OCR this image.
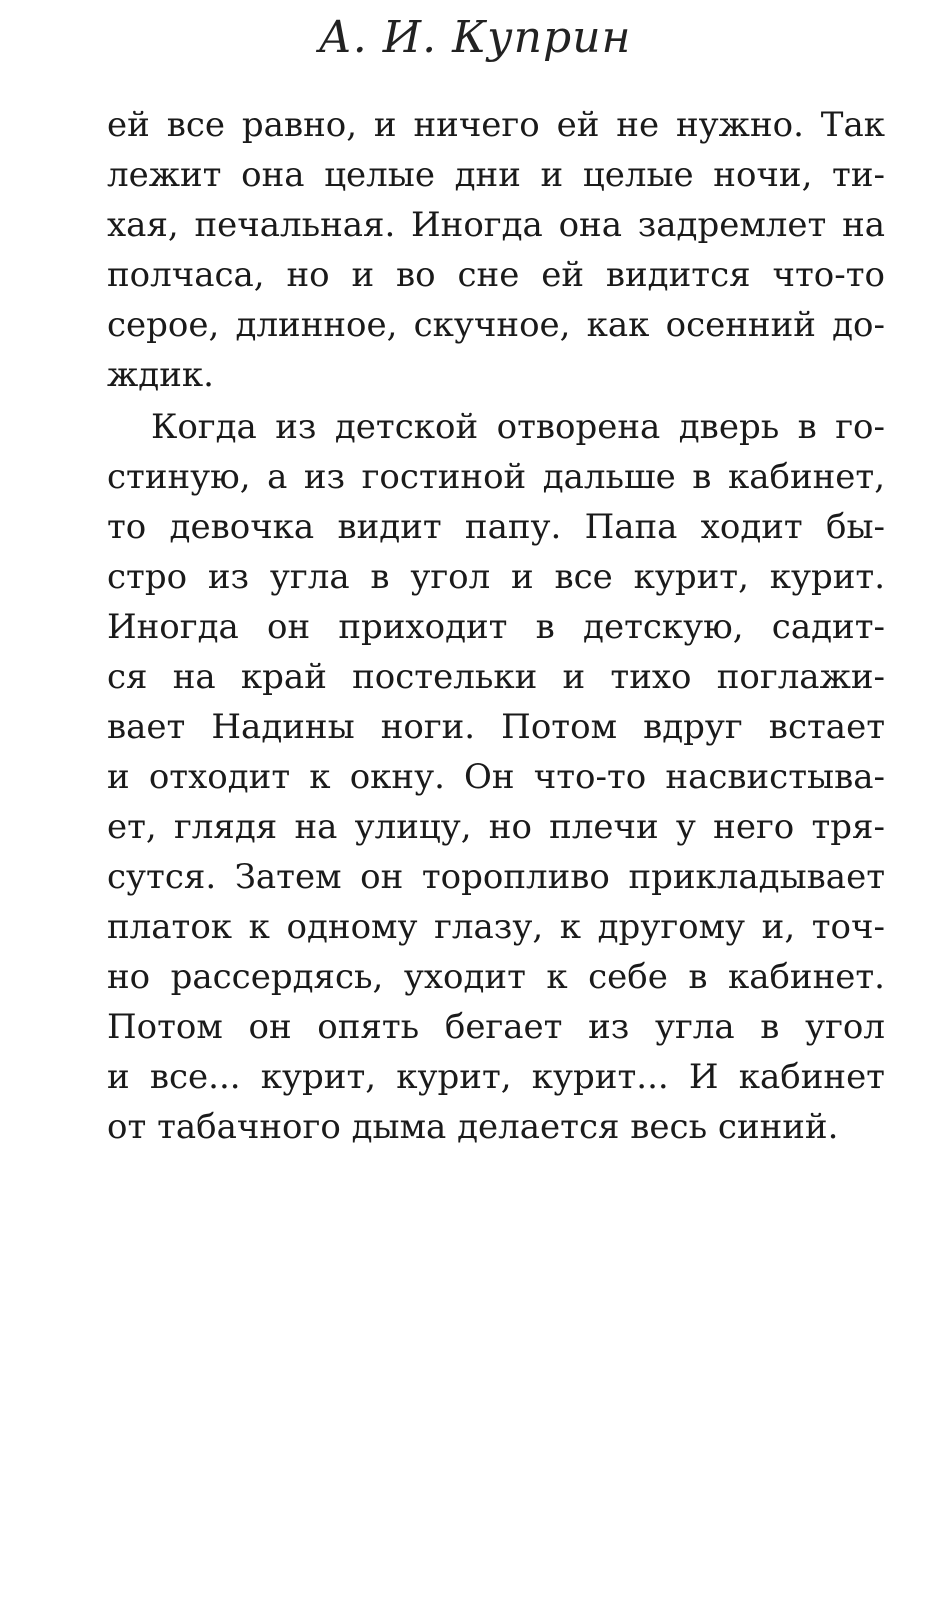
А. И. Куприн
ей все равно, и ничего ей не нужно. Так
лежит она целые дни и целые ночи, ти-
хая, печальная. Иногда она задремлет на
полчаса, но и во сне ей видится что-то
серое, длинное, скучное, как осенний до-
ждик.
Когда из детской отворена дверь в го-
стиную, а из гостиной дальше в кабинет,
то девочка видит папу. Папа ходит бы-
стро из угла в угол и все курит, курит.
Иногда он приходит в детскую, садит-
ся на край постельки и тихо поглажи-
вает Надины ноги. Потом вдруг встает
и отходит к окну. Он что-то насвистыва-
ет, глядя на улицу, но плечи у него тря-
сутся. Затем он торопливо прикладывает
платок к одному глазу, к другому и, точ-
но рассердясь, уходит к себе в кабинет.
Потом он опять бегает из угла в угол
и все... курит, курит, курит... И кабинет
от табачного дыма делается весь синий.
